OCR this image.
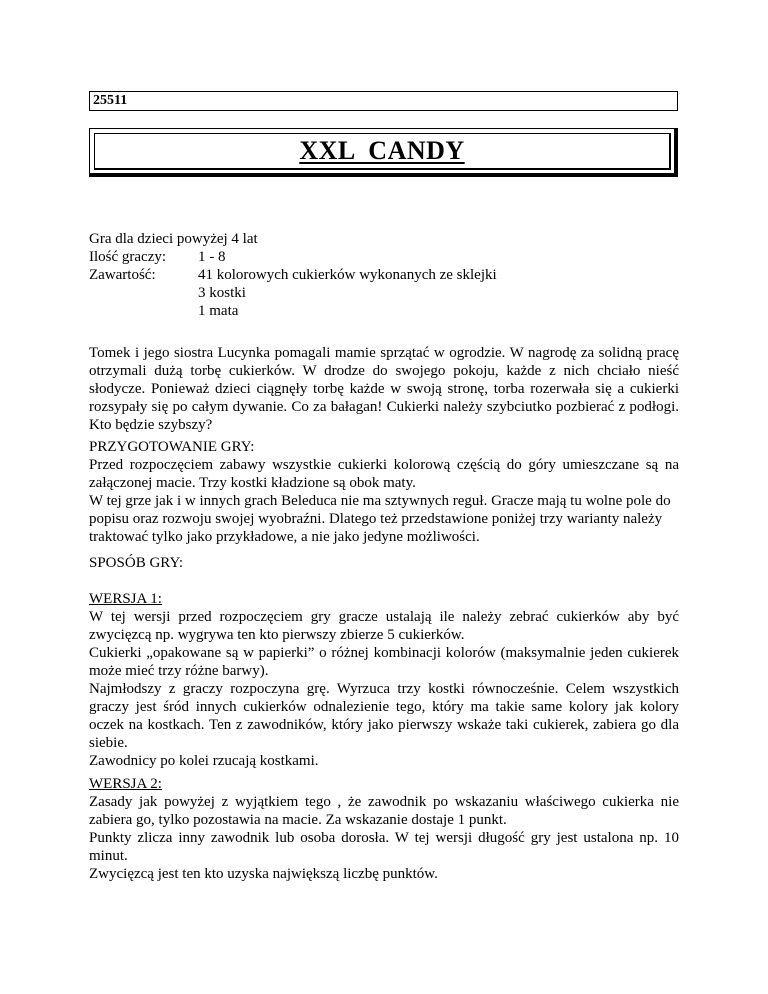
25511
XXL  CANDY
Gra dla dzieci powyżej 4 lat
Ilość graczy:	1 - 8
Zawartość:	41 kolorowych cukierków wykonanych ze sklejki
3 kostki
1 mata

Tomek i jego siostra Lucynka pomagali mamie sprzątać w ogrodzie. W nagrodę za solidną pracę otrzymali dużą torbę cukierków. W drodze do swojego pokoju, każde z nich chciało nieść słodycze. Ponieważ dzieci ciągnęły torbę każde w swoją stronę, torba rozerwała się a cukierki rozsypały się po całym dywanie. Co za bałagan! Cukierki należy szybciutko pozbierać z podłogi. Kto będzie szybszy?

PRZYGOTOWANIE GRY:

Przed rozpoczęciem zabawy wszystkie cukierki kolorową częścią do góry umieszczane są na załączonej macie. Trzy kostki kładzione są obok maty.

W tej grze jak i w innych grach Beleduca nie ma sztywnych reguł. Gracze mają tu wolne pole do popisu oraz rozwoju swojej wyobraźni. Dlatego też przedstawione poniżej trzy warianty należy traktować tylko jako przykładowe, a nie jako jedyne możliwości.

SPOSÓB GRY:

WERSJA 1:

W tej wersji przed rozpoczęciem gry gracze ustalają ile należy zebrać cukierków aby być zwycięzcą np. wygrywa ten kto pierwszy zbierze 5 cukierków.

Cukierki „opakowane są w papierki” o różnej kombinacji kolorów (maksymalnie jeden cukierek może mieć trzy różne barwy).

Najmłodszy z graczy rozpoczyna grę. Wyrzuca trzy kostki równocześnie. Celem wszystkich graczy jest śród innych cukierków odnalezienie tego, który ma takie same kolory jak kolory oczek na kostkach. Ten z zawodników, który jako pierwszy wskaże taki cukierek, zabiera go dla siebie.

Zawodnicy po kolei rzucają kostkami.

WERSJA 2:

Zasady jak powyżej z wyjątkiem tego , że zawodnik po wskazaniu właściwego cukierka nie zabiera go, tylko pozostawia na macie. Za wskazanie dostaje 1 punkt.

Punkty zlicza inny zawodnik lub osoba dorosła. W tej wersji długość gry jest ustalona np. 10 minut.

Zwycięzcą jest ten kto uzyska największą liczbę punktów.
